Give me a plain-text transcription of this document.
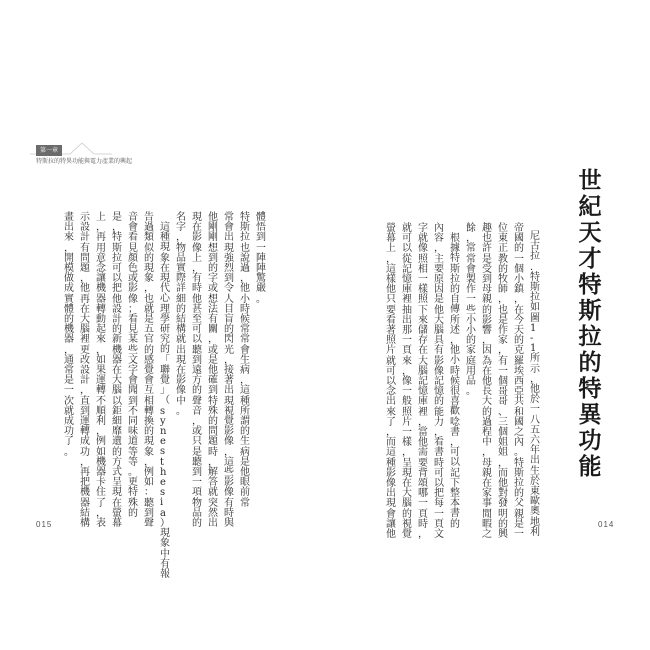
第一章
特斯拉的特異功能與電力產業的興起
體
悟
到
一
陣
陣
驚
嚴
。
特
斯
拉
也
說
過
，
他
小
時
候
常
常
會
生
病
，
這
種
所
謂
的
生
病
是
他
眼
前
常
常
會
出
現
強
烈
到
令
人
目
盲
的
閃
光
，
接
著
出
現
視
覺
影
像
，
這
些
影
像
有
時
與
他
剛
剛
想
到
的
字
或
想
法
有
關
，
或
是
他
確
到
特
殊
的
問
題
時
，
解
答
就
突
然
出
現
在
影
像
上
，
有
時
他
甚
至
可
以
聽
到
遠
方
的
聲
音
，
或
只
是
聽
到
一
項
物
品
的
名
字
，
物
品
實
際
詳
細
的
結
構
就
出
現
在
影
像
中
。
這
種
現
象
在
現
代
心
理
學
研
究
的
「
聯
覺
」
（
s
y
n
e
s
t
h
e
s
i
a
）
現
象
中
有
報
告
過
類
似
的
現
象
，
也
就
是
五
官
的
感
覺
會
互
相
轉
換
的
現
象
，
例
如
：
聽
到
聲
音
會
看
見
顏
色
或
影
像
；
看
見
某
些
文
字
會
聞
到
不
同
味
道
等
等
。
更
特
殊
的
是
，
特
斯
拉
可
以
把
他
設
計
的
新
機
器
在
大
腦
以
鉅
細
靡
遺
的
方
式
呈
現
在
螢
幕
上
，
再
用
意
念
讓
機
器
轉
動
起
來
，
如
果
運
轉
不
順
利
，
例
如
機
器
卡
住
了
，
表
示
設
計
有
問
題
，
他
再
在
大
腦
裡
更
改
設
計
，
直
到
運
轉
成
功
，
再
把
機
器
結
構
畫
出
來
，
開
模
做
成
實
體
的
機
器
，
通
常
是
一
次
就
成
功
了
。
015
世紀天才特斯拉的特異功能
尼
古
拉
．
特
斯
拉
如
圖
1
-
1
所
示
，
他
於
一
八
五
六
年
出
生
於
東
歐
奧
地
利
帝
國
的
一
個
小
鎮
，
在
今
天
的
克
羅
埃
西
亞
共
和
國
之
內
。
特
斯
拉
的
父
親
是
一
位
東
正
教
的
牧
師
，
也
是
作
家
，
有
一
個
哥
哥
、
三
個
姐
姐
，
而
他
對
發
明
的
興
趣
也
許
是
受
到
母
親
的
影
響
，
因
為
在
他
長
大
的
過
程
中
，
母
親
在
家
事
閒
暇
之
餘
，
常
常
會
製
作
一
些
小
小
的
家
庭
用
品
。
根
據
特
斯
拉
的
自
傳
所
述
，
他
小
時
候
很
喜
歡
唸
書
，
可
以
記
下
整
本
書
的
內
容
，
主
要
原
因
是
他
大
腦
具
有
影
像
記
憶
的
能
力
，
看
書
時
可
以
把
每
一
頁
文
字
就
像
照
相
一
樣
照
下
來
儲
存
在
大
腦
記
憶
庫
裡
，
當
他
需
要
背
頌
哪
一
頁
時
，
就
可
以
從
記
憶
庫
裡
抽
出
那
一
頁
來
，
像
一
般
照
片
一
樣
，
呈
現
在
大
腦
的
視
覺
螢
幕
上
，
這
樣
他
只
要
看
著
照
片
就
可
以
念
出
來
了
，
而
這
種
影
像
出
現
會
讓
他
014
